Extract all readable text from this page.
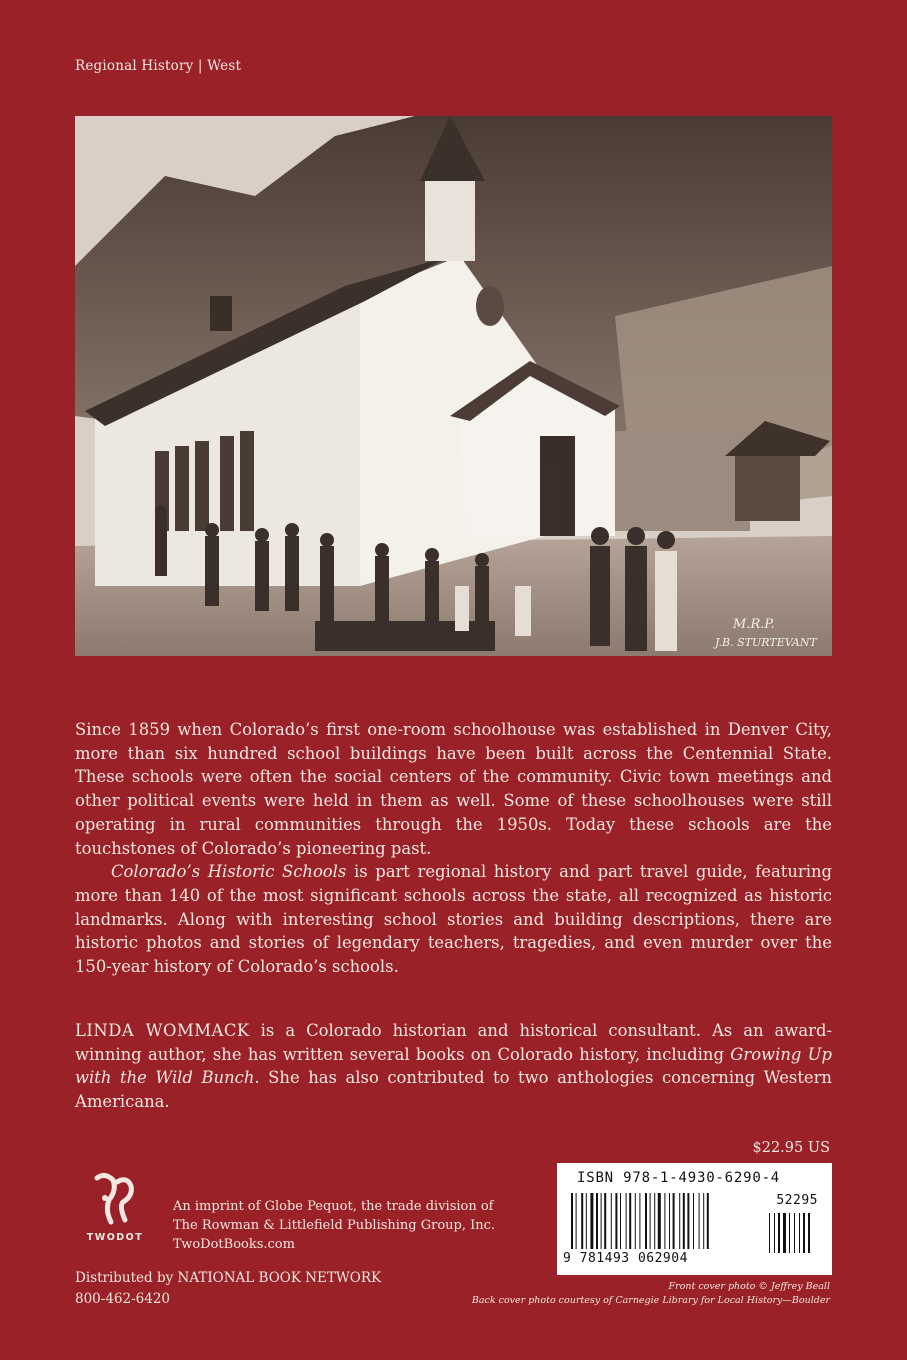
Regional History | West
M.R.P.
J.B. STURTEVANT

Since 1859 when Colorado’s first one-room schoolhouse was established in Denver City, more than six hundred school buildings have been built across the Centennial State. These schools were often the social centers of the community. Civic town meetings and other political events were held in them as well. Some of these schoolhouses were still operating in rural communities through the 1950s. Today these schools are the touchstones of Colorado’s pioneering past.

Colorado’s Historic Schools is part regional history and part travel guide, featuring more than 140 of the most significant schools across the state, all recognized as historic landmarks. Along with interesting school stories and building descriptions, there are historic photos and stories of legendary teachers, tragedies, and even murder over the 150-year history of Colorado’s schools.

LINDA WOMMACK is a Colorado historian and historical consultant. As an award-winning author, she has written several books on Colorado history, including Growing Up with the Wild Bunch. She has also contributed to two anthologies concerning Western Americana.

$22.95 US
ISBN 978-1-4930-6290-4
52295
9 781493 062904
TWODOT
An imprint of Globe Pequot, the trade division of
The Rowman & Littlefield Publishing Group, Inc.
TwoDotBooks.com
Distributed by NATIONAL BOOK NETWORK
800-462-6420
Front cover photo © Jeffrey Beall
Back cover photo courtesy of Carnegie Library for Local History—Boulder
